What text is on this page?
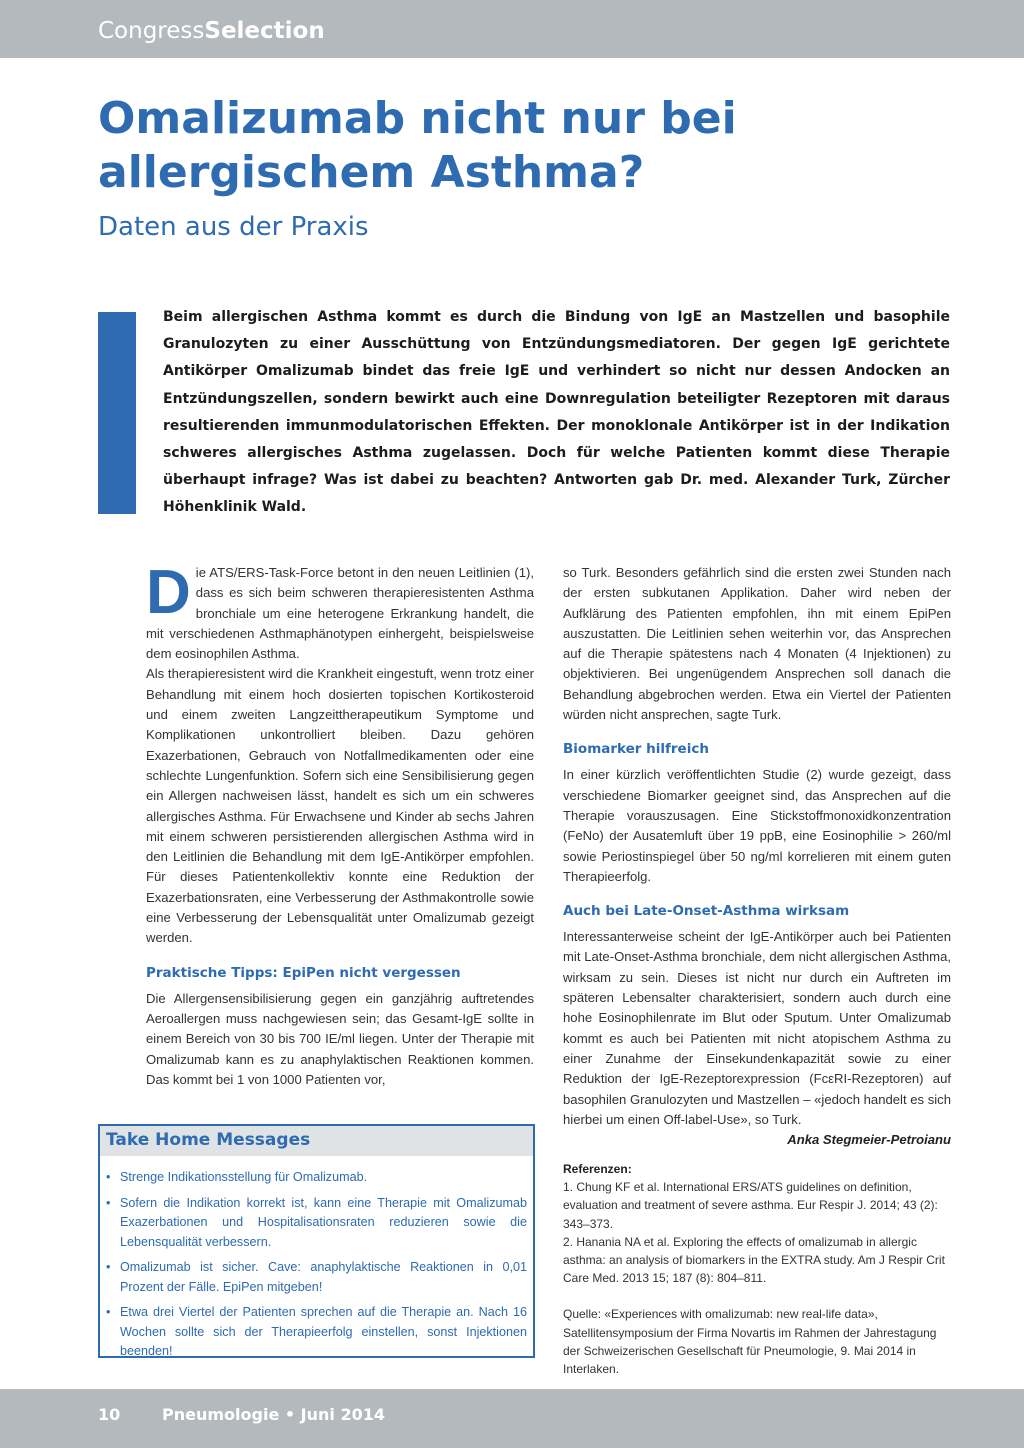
CongressSelection
Omalizumab nicht nur bei allergischem Asthma?
Daten aus der Praxis
Beim allergischen Asthma kommt es durch die Bindung von IgE an Mastzellen und basophile Granulozyten zu einer Ausschüttung von Entzündungsmediatoren. Der gegen IgE gerichtete Antikörper Omalizumab bindet das freie IgE und verhindert so nicht nur dessen Andocken an Entzündungszellen, sondern bewirkt auch eine Downregulation beteiligter Rezeptoren mit daraus resultierenden immunmodulatorischen Effekten. Der monoklonale Antikörper ist in der Indikation schweres allergisches Asthma zugelassen. Doch für welche Patienten kommt diese Therapie überhaupt infrage? Was ist dabei zu beachten? Antworten gab Dr. med. Alexander Turk, Zürcher Höhenklinik Wald.

Die ATS/ERS-Task-Force betont in den neuen Leitlinien (1), dass es sich beim schweren therapieresistenten Asthma bronchiale um eine heterogene Erkrankung handelt, die mit verschiedenen Asthmaphänotypen einhergeht, beispielsweise dem eosinophilen Asthma.

Als therapieresistent wird die Krankheit eingestuft, wenn trotz einer Behandlung mit einem hoch dosierten topischen Kortikosteroid und einem zweiten Langzeittherapeutikum Symptome und Komplikationen unkontrolliert bleiben. Dazu gehören Exazerbationen, Gebrauch von Notfallmedikamenten oder eine schlechte Lungenfunktion. Sofern sich eine Sensibilisierung gegen ein Allergen nachweisen lässt, handelt es sich um ein schweres allergisches Asthma. Für Erwachsene und Kinder ab sechs Jahren mit einem schweren persistierenden allergischen Asthma wird in den Leitlinien die Behandlung mit dem IgE-Antikörper empfohlen. Für dieses Patientenkollektiv konnte eine Reduktion der Exazerbationsraten, eine Verbesserung der Asthmakontrolle sowie eine Verbesserung der Lebensqualität unter Omalizumab gezeigt werden.

Praktische Tipps: EpiPen nicht vergessen

Die Allergensensibilisierung gegen ein ganzjährig auftretendes Aeroallergen muss nachgewiesen sein; das Gesamt-IgE sollte in einem Bereich von 30 bis 700 IE/ml liegen. Unter der Therapie mit Omalizumab kann es zu anaphylaktischen Reaktionen kommen. Das kommt bei 1 von 1000 Patienten vor,

so Turk. Besonders gefährlich sind die ersten zwei Stunden nach der ersten subkutanen Applikation. Daher wird neben der Aufklärung des Patienten empfohlen, ihn mit einem EpiPen auszustatten. Die Leitlinien sehen weiterhin vor, das Ansprechen auf die Therapie spätestens nach 4 Monaten (4 Injektionen) zu objektivieren. Bei ungenügendem Ansprechen soll danach die Behandlung abgebrochen werden. Etwa ein Viertel der Patienten würden nicht ansprechen, sagte Turk.

Biomarker hilfreich

In einer kürzlich veröffentlichten Studie (2) wurde gezeigt, dass verschiedene Biomarker geeignet sind, das Ansprechen auf die Therapie vorauszusagen. Eine Stickstoffmonoxidkonzentration (FeNo) der Ausatemluft über 19 ppB, eine Eosinophilie > 260/ml sowie Periostinspiegel über 50 ng/ml korrelieren mit einem guten Therapieerfolg.

Auch bei Late-Onset-Asthma wirksam

Interessanterweise scheint der IgE-Antikörper auch bei Patienten mit Late-Onset-Asthma bronchiale, dem nicht allergischen Asthma, wirksam zu sein. Dieses ist nicht nur durch ein Auftreten im späteren Lebensalter charakterisiert, sondern auch durch eine hohe Eosinophilenrate im Blut oder Sputum. Unter Omalizumab kommt es auch bei Patienten mit nicht atopischem Asthma zu einer Zunahme der Einsekundenkapazität sowie zu einer Reduktion der IgE-Rezeptorexpression (FcεRI-Rezeptoren) auf basophilen Granulozyten und Mastzellen – «jedoch handelt es sich hierbei um einen Off-label-Use», so Turk.

Anka Stegmeier-Petroianu

Take Home Messages
• Strenge Indikationsstellung für Omalizumab.
• Sofern die Indikation korrekt ist, kann eine Therapie mit Omalizumab Exazerbationen und Hospitalisationsraten reduzieren sowie die Lebensqualität verbessern.
• Omalizumab ist sicher. Cave: anaphylaktische Reaktionen in 0,01 Prozent der Fälle. EpiPen mitgeben!
• Etwa drei Viertel der Patienten sprechen auf die Therapie an. Nach 16 Wochen sollte sich der Therapieerfolg einstellen, sonst Injektionen beenden!

Referenzen:

1. Chung KF et al. International ERS/ATS guidelines on definition, evaluation and treatment of severe asthma. Eur Respir J. 2014; 43 (2): 343–373.

2. Hanania NA et al. Exploring the effects of omalizumab in allergic asthma: an analysis of biomarkers in the EXTRA study. Am J Respir Crit Care Med. 2013 15; 187 (8): 804–811.

Quelle: «Experiences with omalizumab: new real-life data», Satellitensymposium der Firma Novartis im Rahmen der Jahrestagung der Schweizerischen Gesellschaft für Pneumologie, 9. Mai 2014 in Interlaken.

10	Pneumologie • Juni 2014
